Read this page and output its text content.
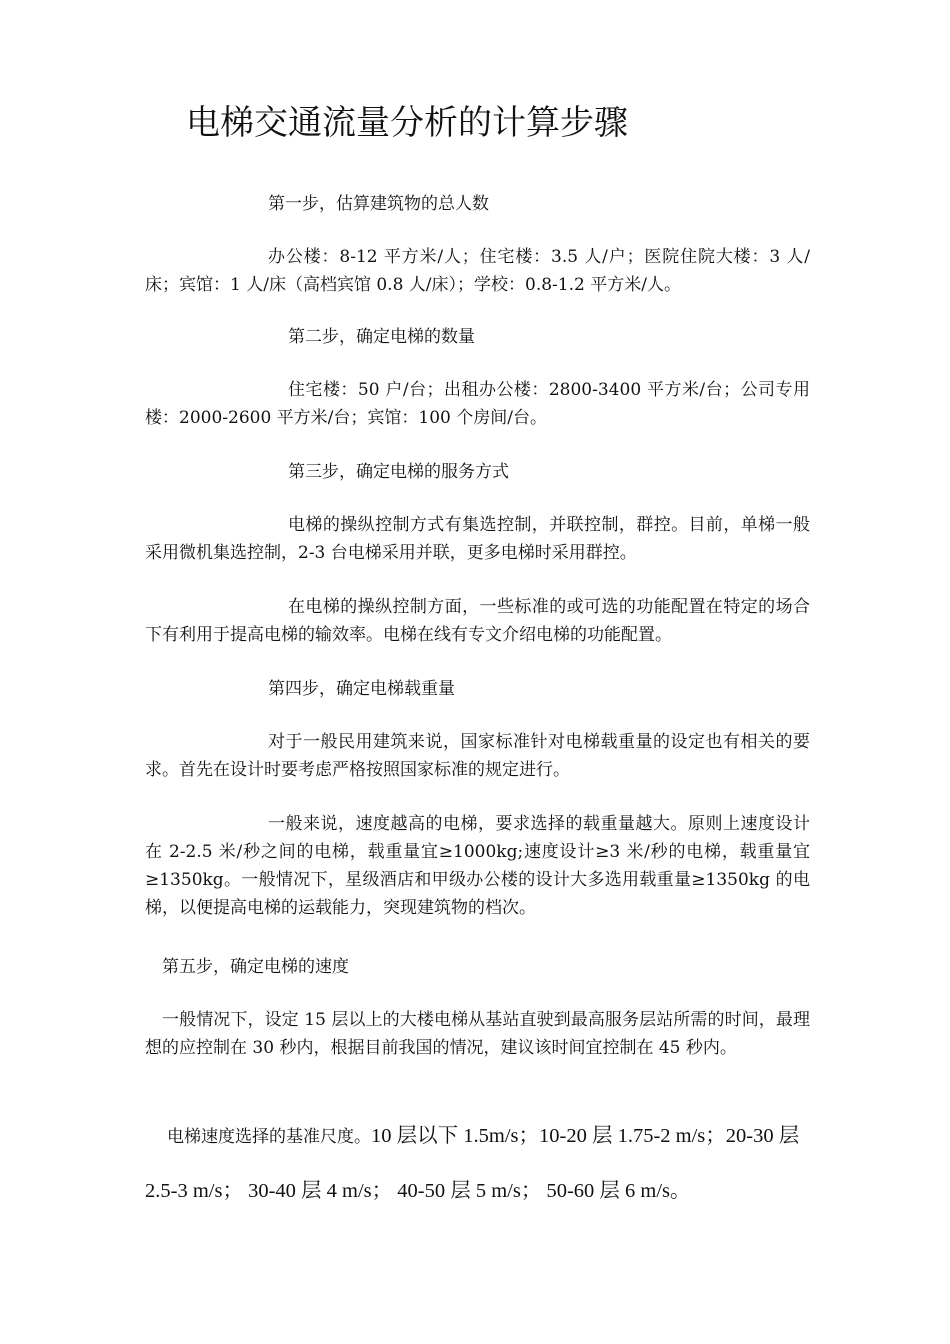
电梯交通流量分析的计算步骤
第一步，估算建筑物的总人数

办公楼：8-12 平方米/人；住宅楼：3.5 人/户；医院住院大楼：3 人/床；宾馆：1 人/床（高档宾馆 0.8 人/床）；学校：0.8-1.2 平方米/人。

第二步，确定电梯的数量

住宅楼：50 户/台；出租办公楼：2800-3400 平方米/台；公司专用楼：2000-2600 平方米/台；宾馆：100 个房间/台。

第三步，确定电梯的服务方式

电梯的操纵控制方式有集选控制，并联控制，群控。目前，单梯一般采用微机集选控制，2-3 台电梯采用并联，更多电梯时采用群控。

在电梯的操纵控制方面，一些标准的或可选的功能配置在特定的场合下有利用于提高电梯的输效率。电梯在线有专文介绍电梯的功能配置。

第四步，确定电梯载重量

对于一般民用建筑来说，国家标准针对电梯载重量的设定也有相关的要求。首先在设计时要考虑严格按照国家标准的规定进行。

一般来说，速度越高的电梯，要求选择的载重量越大。原则上速度设计在 2-2.5 米/秒之间的电梯，载重量宜≥1000kg;速度设计≥3 米/秒的电梯，载重量宜≥1350kg。一般情况下，星级酒店和甲级办公楼的设计大多选用载重量≥1350kg 的电梯，以便提高电梯的运载能力，突现建筑物的档次。

第五步，确定电梯的速度

一般情况下，设定 15 层以上的大楼电梯从基站直驶到最高服务层站所需的时间，最理想的应控制在 30 秒内，根据目前我国的情况，建议该时间宜控制在 45 秒内。

电梯速度选择的基准尺度。10 层以下 1.5m/s；10-20 层 1.75-2 m/s；20-30 层 2.5-3 m/s； 30-40 层 4 m/s； 40-50 层 5 m/s； 50-60 层 6 m/s。
